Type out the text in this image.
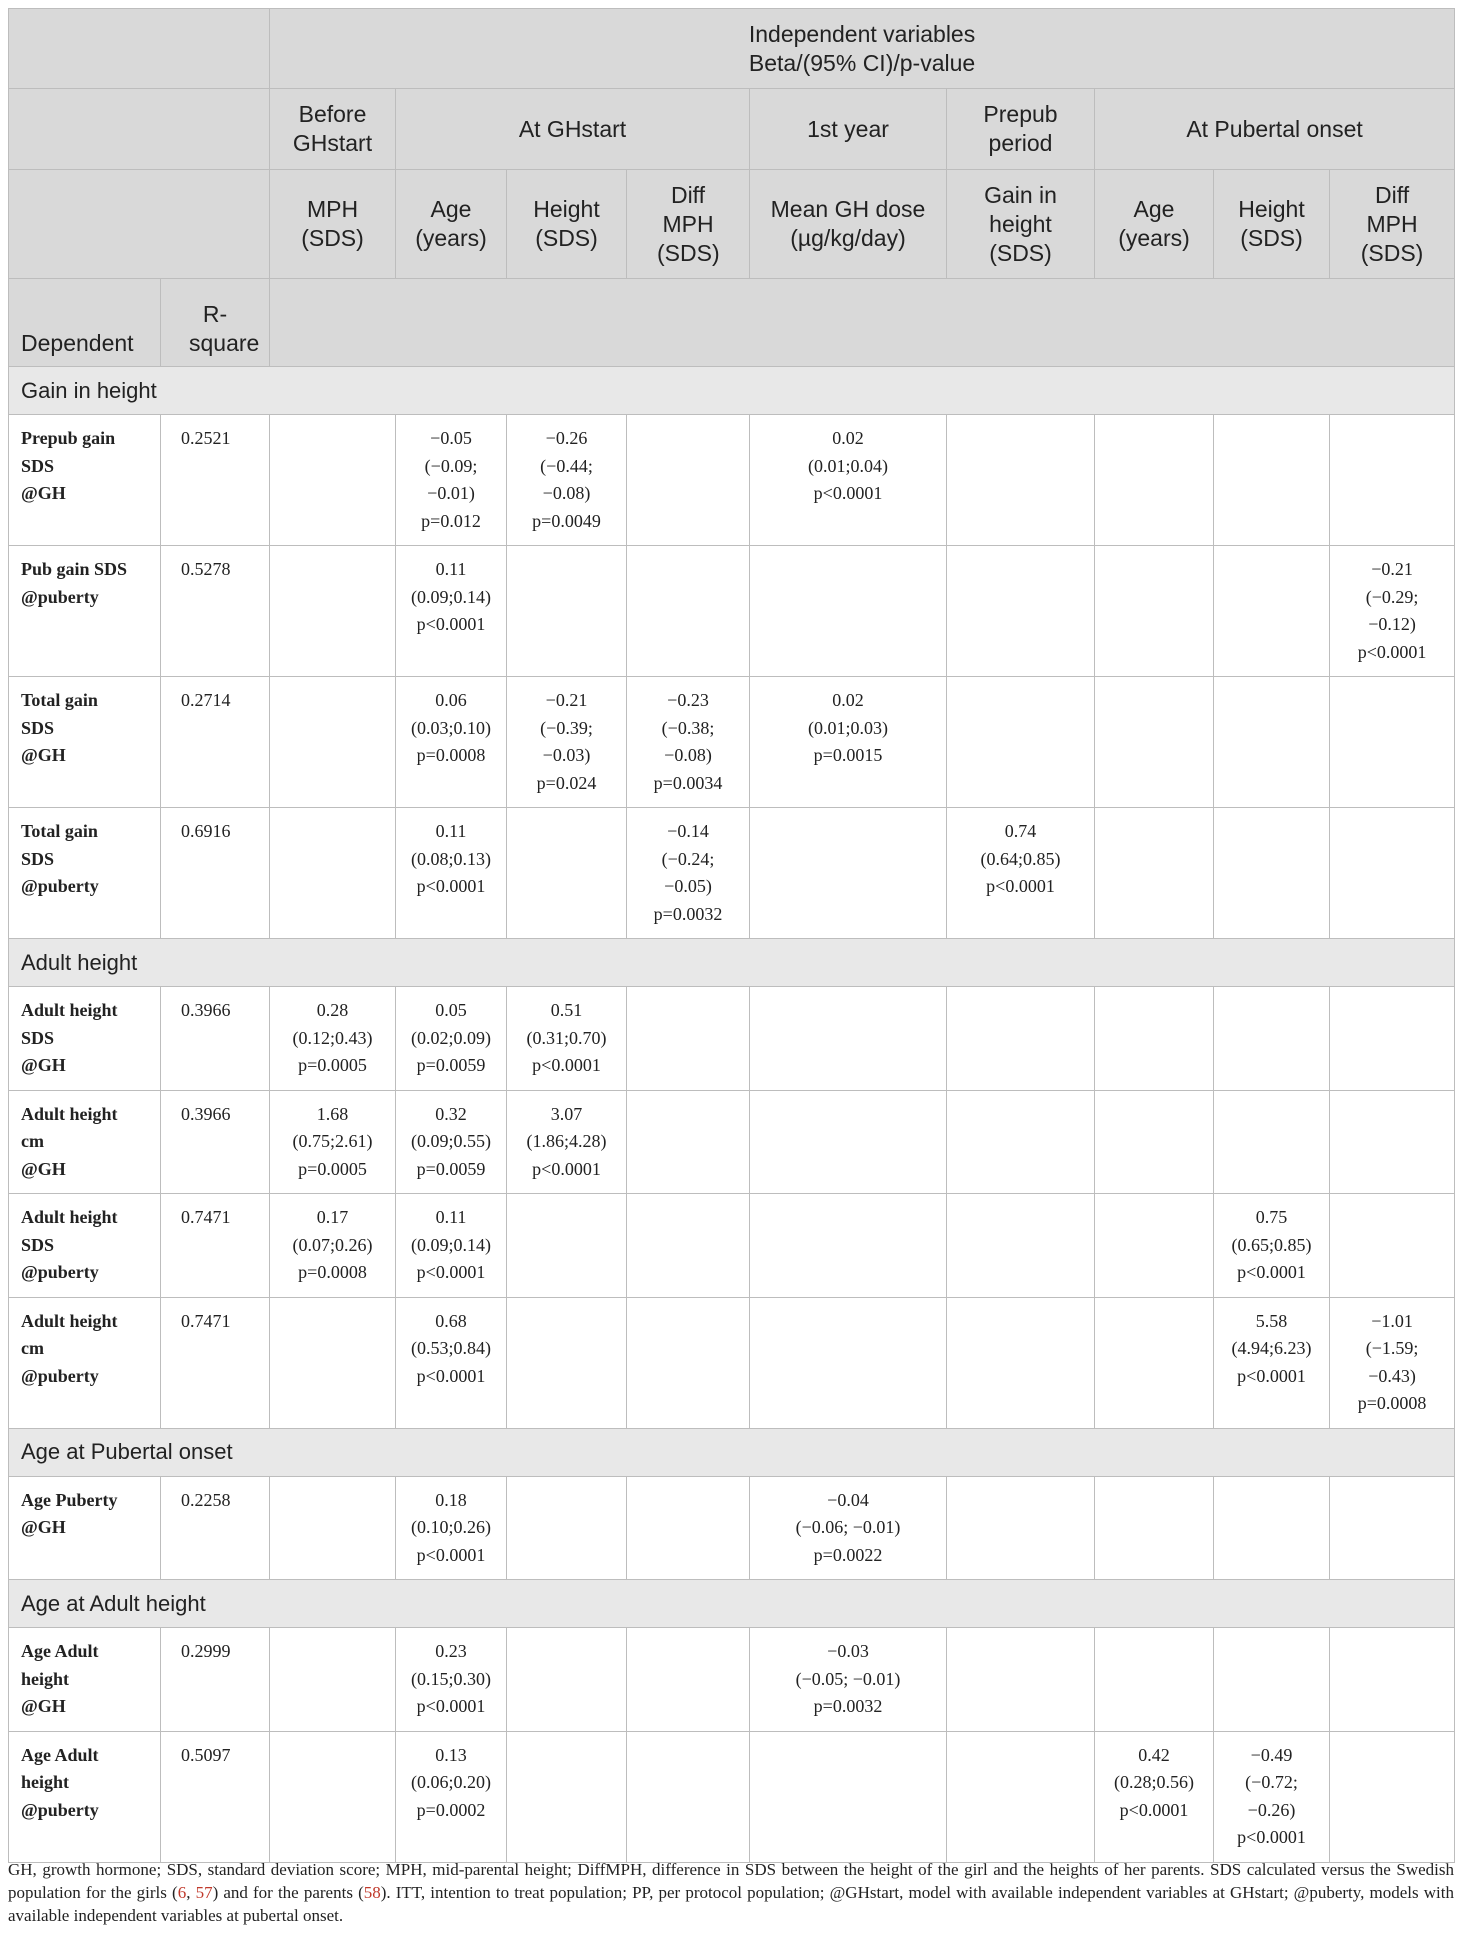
		Independent variables
Beta/(95% CI)/p-value								

		Before GHstart	At GHstart			1st year	Prepub period	At Pubertal onset		
		MPH (SDS)	Age (years)	Height (SDS)	Diff MPH (SDS)	Mean GH dose (µg/kg/day)	Gain in height (SDS)	Age (years)	Height (SDS)	Diff MPH (SDS)
Dependent	R-square									
Gain in height										

Prepub gain
SDS
@GH	0.2521		−0.05
(−0.09;
−0.01)
p=0.012	−0.26
(−0.44;
−0.08)
p=0.0049		0.02
(0.01;0.04)
p<0.0001				

Pub gain SDS
@puberty	0.5278		0.11
(0.09;0.14)
p<0.0001							−0.21
(−0.29;
−0.12)
p<0.0001

Total gain
SDS
@GH	0.2714		0.06
(0.03;0.10)
p=0.0008	−0.21
(−0.39;
−0.03)
p=0.024	−0.23
(−0.38;
−0.08)
p=0.0034	0.02
(0.01;0.03)
p=0.0015				

Total gain
SDS
@puberty	0.6916		0.11
(0.08;0.13)
p<0.0001		−0.14
(−0.24;
−0.05)
p=0.0032		0.74
(0.64;0.85)
p<0.0001			

Adult height										

Adult height
SDS
@GH	0.3966	0.28
(0.12;0.43)
p=0.0005	0.05
(0.02;0.09)
p=0.0059	0.51
(0.31;0.70)
p<0.0001						

Adult height
cm
@GH	0.3966	1.68
(0.75;2.61)
p=0.0005	0.32
(0.09;0.55)
p=0.0059	3.07
(1.86;4.28)
p<0.0001						

Adult height
SDS
@puberty	0.7471	0.17
(0.07;0.26)
p=0.0008	0.11
(0.09;0.14)
p<0.0001						0.75
(0.65;0.85)
p<0.0001	

Adult height
cm
@puberty	0.7471		0.68
(0.53;0.84)
p<0.0001						5.58
(4.94;6.23)
p<0.0001	−1.01
(−1.59;
−0.43)
p=0.0008

Age at Pubertal onset										

Age Puberty
@GH	0.2258		0.18
(0.10;0.26)
p<0.0001			−0.04
(−0.06; −0.01)
p=0.0022				

Age at Adult height										

Age Adult
height
@GH	0.2999		0.23
(0.15;0.30)
p<0.0001			−0.03
(−0.05; −0.01)
p=0.0032				

Age Adult
height
@puberty	0.5097		0.13
(0.06;0.20)
p=0.0002					0.42
(0.28;0.56)
p<0.0001	−0.49
(−0.72;
−0.26)
p<0.0001	

GH, growth hormone; SDS, standard deviation score; MPH, mid-parental height; DiffMPH, difference in SDS between the height of the girl and the heights of her parents. SDS calculated versus the Swedish population for the girls (6, 57) and for the parents (58). ITT, intention to treat population; PP, per protocol population; @GHstart, model with available independent variables at GHstart; @puberty, models with available independent variables at pubertal onset.
